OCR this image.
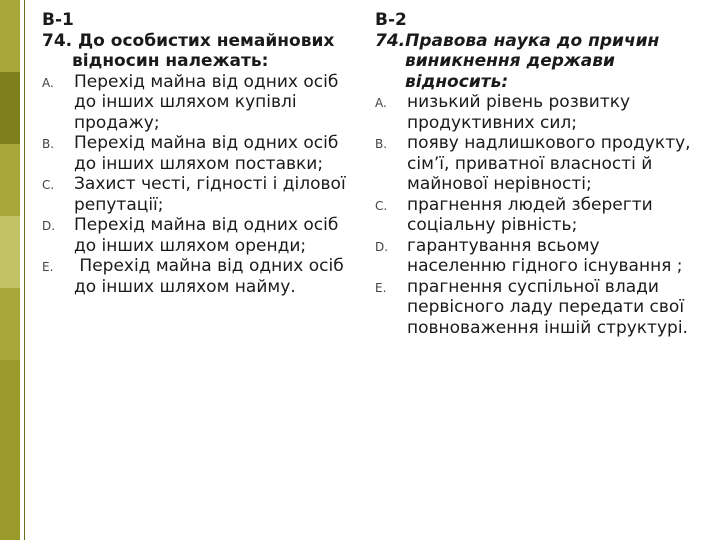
В-1

74. До особистих немайнових відносин належать:

A. Перехід майна від одних осіб до інших шляхом купівлі продажу;
B. Перехід майна від одних осіб до інших шляхом поставки;
C. Захист честі, гідності і ділової репутації;
D. Перехід майна від одних осіб до інших шляхом оренди;
E. Перехід майна від одних осіб до інших шляхом найму.

В-2

74.Правова наука до причин виникнення держави відносить:

A. низький рівень розвитку продуктивних сил;
B. появу надлишкового продукту, сім’ї, приватної власності й майнової нерівності;
C. прагнення людей зберегти соціальну рівність;
D. гарантування всьому населенню гідного існування ;
E. прагнення суспільної влади первісного ладу передати свої повноваження іншій структурі.
